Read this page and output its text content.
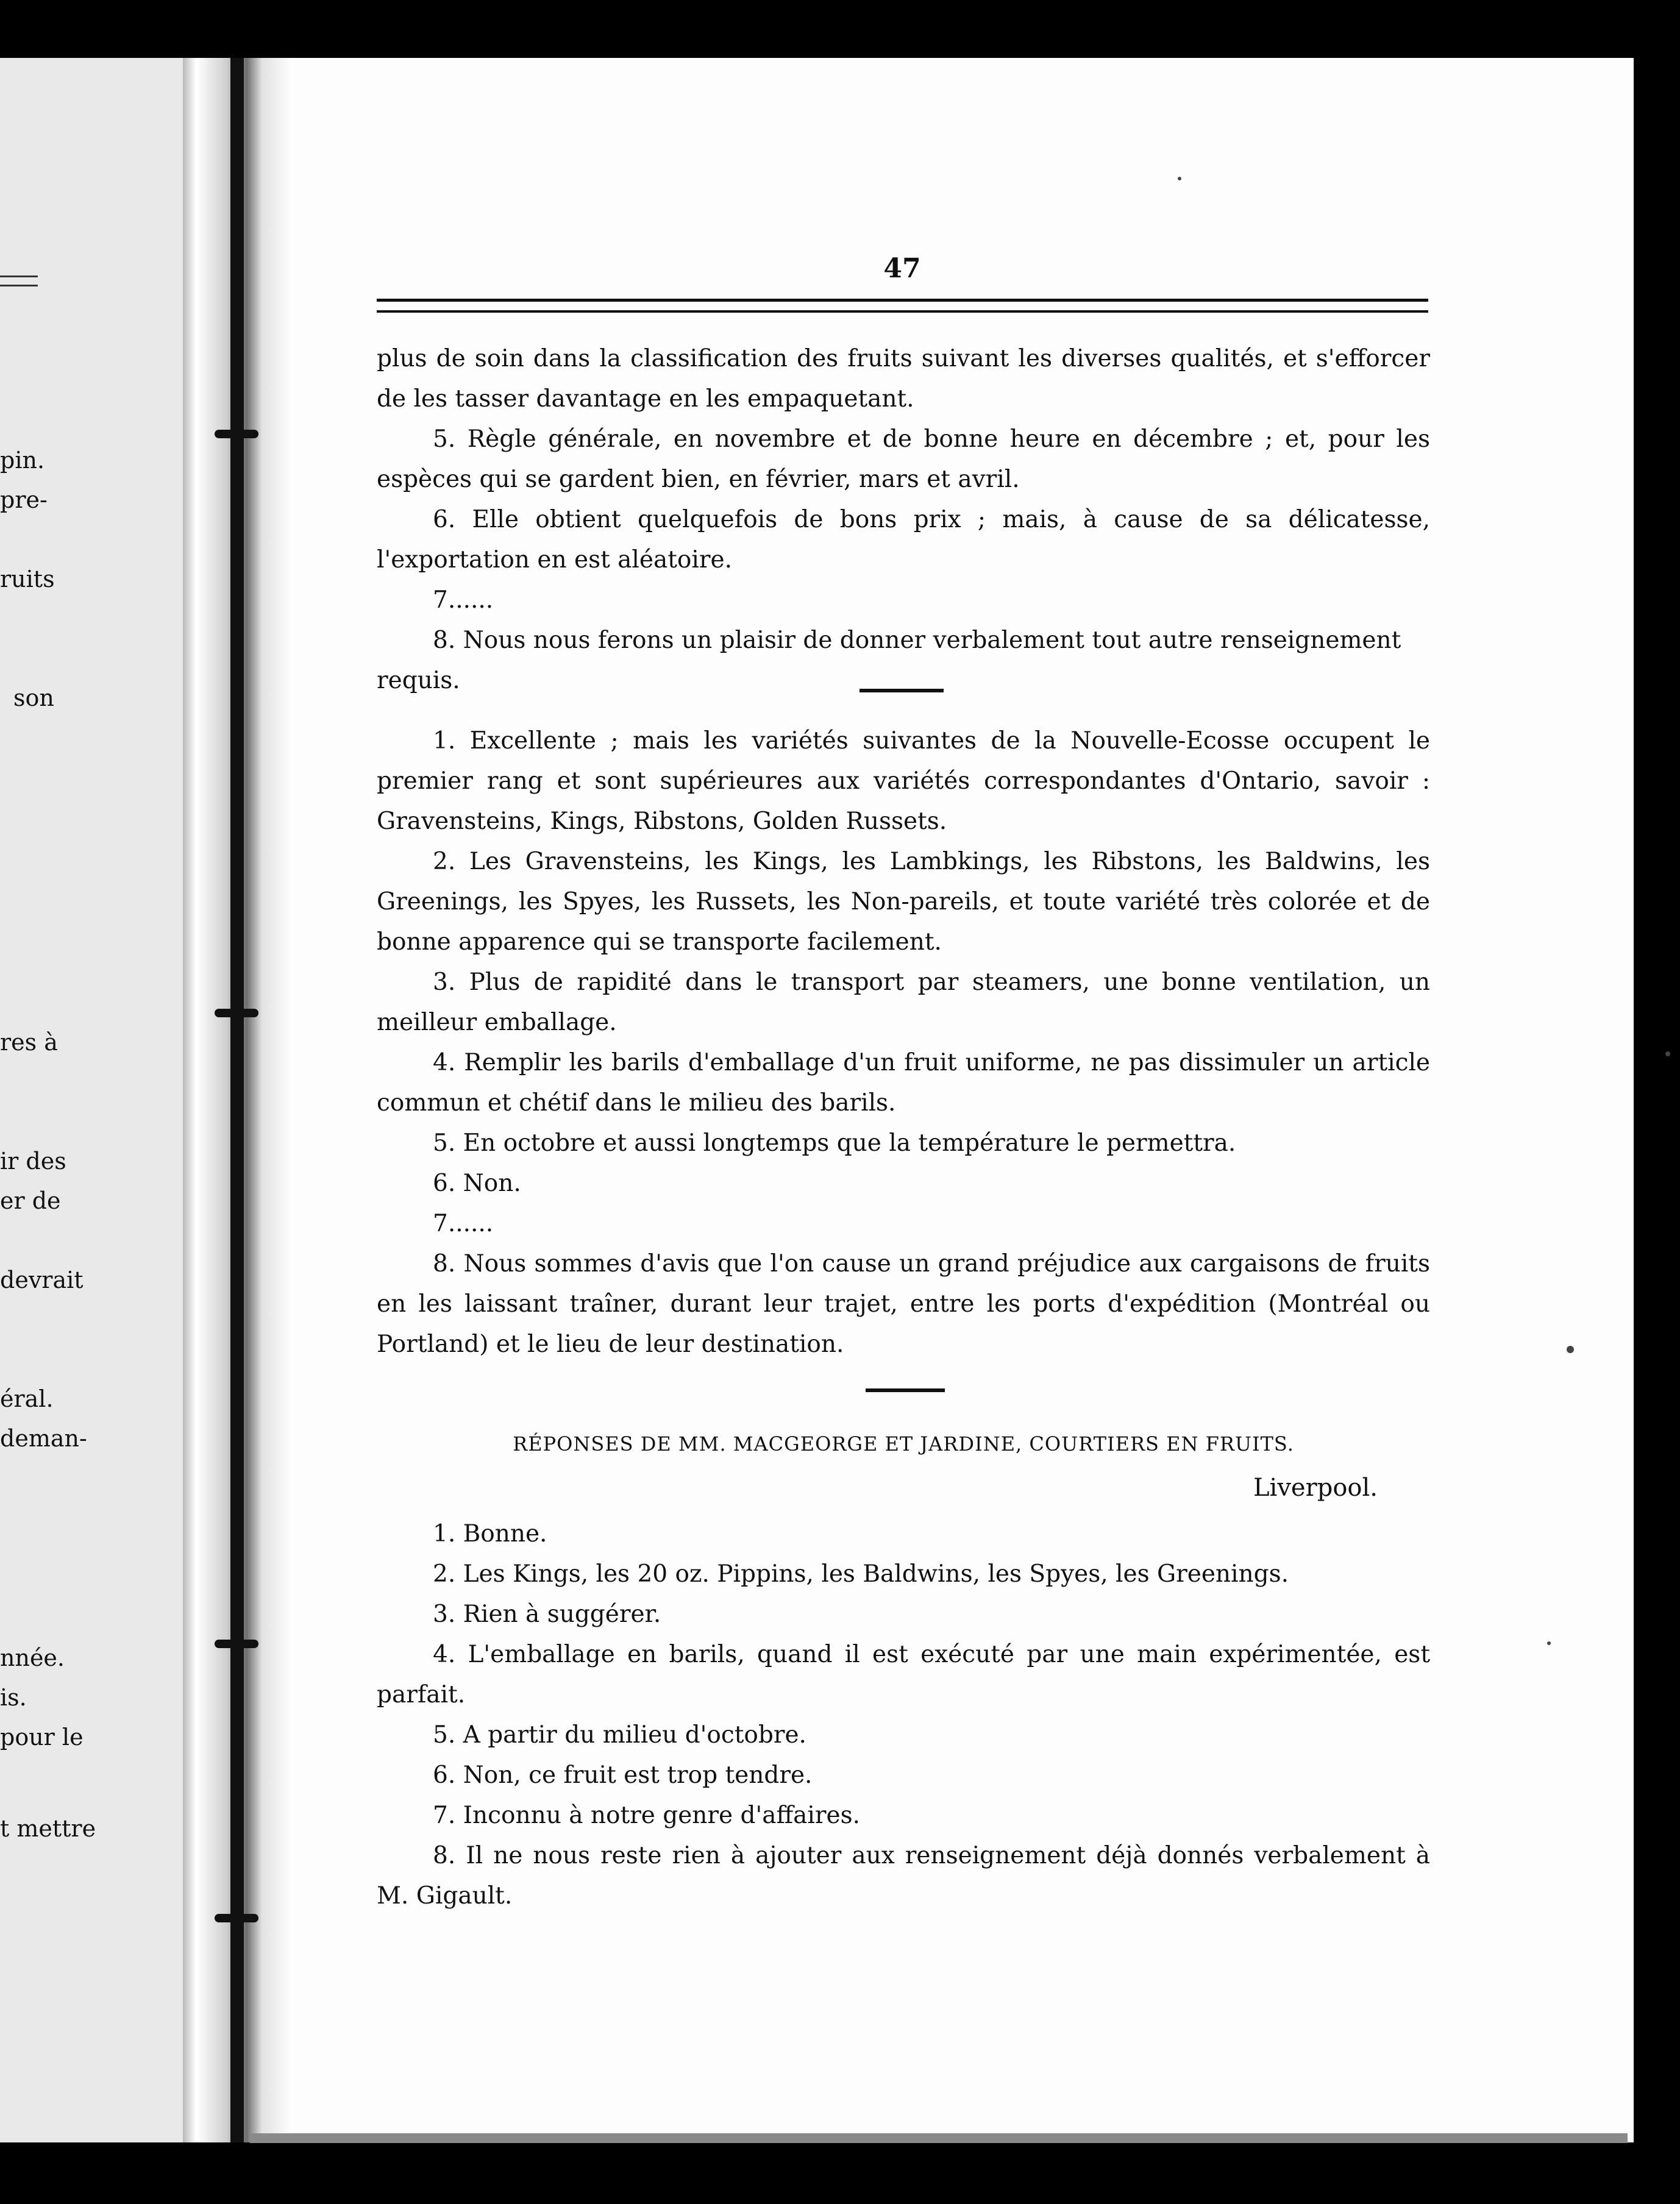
pin.
pre-
ruits
son
res à
ir des
er de
devrait
éral.
deman-
nnée.
is.
pour le
t mettre
47

plus de soin dans la classification des fruits suivant les diverses qualités, et s'efforcer de les tasser davantage en les empaquetant.

5. Règle générale, en novembre et de bonne heure en décembre ; et, pour les espèces qui se gardent bien, en février, mars et avril.

6. Elle obtient quelquefois de bons prix ; mais, à cause de sa délicatesse, l'exportation en est aléatoire.

7......

8. Nous nous ferons un plaisir de donner verbalement tout autre renseignement requis.

1. Excellente ; mais les variétés suivantes de la Nouvelle-Ecosse occupent le premier rang et sont supérieures aux variétés correspondantes d'Ontario, savoir : Gravensteins, Kings, Ribstons, Golden Russets.

2. Les Gravensteins, les Kings, les Lambkings, les Ribstons, les Baldwins, les Greenings, les Spyes, les Russets, les Non-pareils, et toute variété très colorée et de bonne apparence qui se transporte facilement.

3. Plus de rapidité dans le transport par steamers, une bonne ventilation, un meilleur emballage.

4. Remplir les barils d'emballage d'un fruit uniforme, ne pas dissimuler un article commun et chétif dans le milieu des barils.

5. En octobre et aussi longtemps que la température le permettra.

6. Non.

7......

8. Nous sommes d'avis que l'on cause un grand préjudice aux cargaisons de fruits en les laissant traîner, durant leur trajet, entre les ports d'expédition (Montréal ou Portland) et le lieu de leur destination.

RÉPONSES DE MM. MACGEORGE ET JARDINE, COURTIERS EN FRUITS.
Liverpool.

1. Bonne.

2. Les Kings, les 20 oz. Pippins, les Baldwins, les Spyes, les Greenings.

3. Rien à suggérer.

4. L'emballage en barils, quand il est exécuté par une main expérimentée, est parfait.

5. A partir du milieu d'octobre.

6. Non, ce fruit est trop tendre.

7. Inconnu à notre genre d'affaires.

8. Il ne nous reste rien à ajouter aux renseignement déjà donnés verbalement à M. Gigault.
